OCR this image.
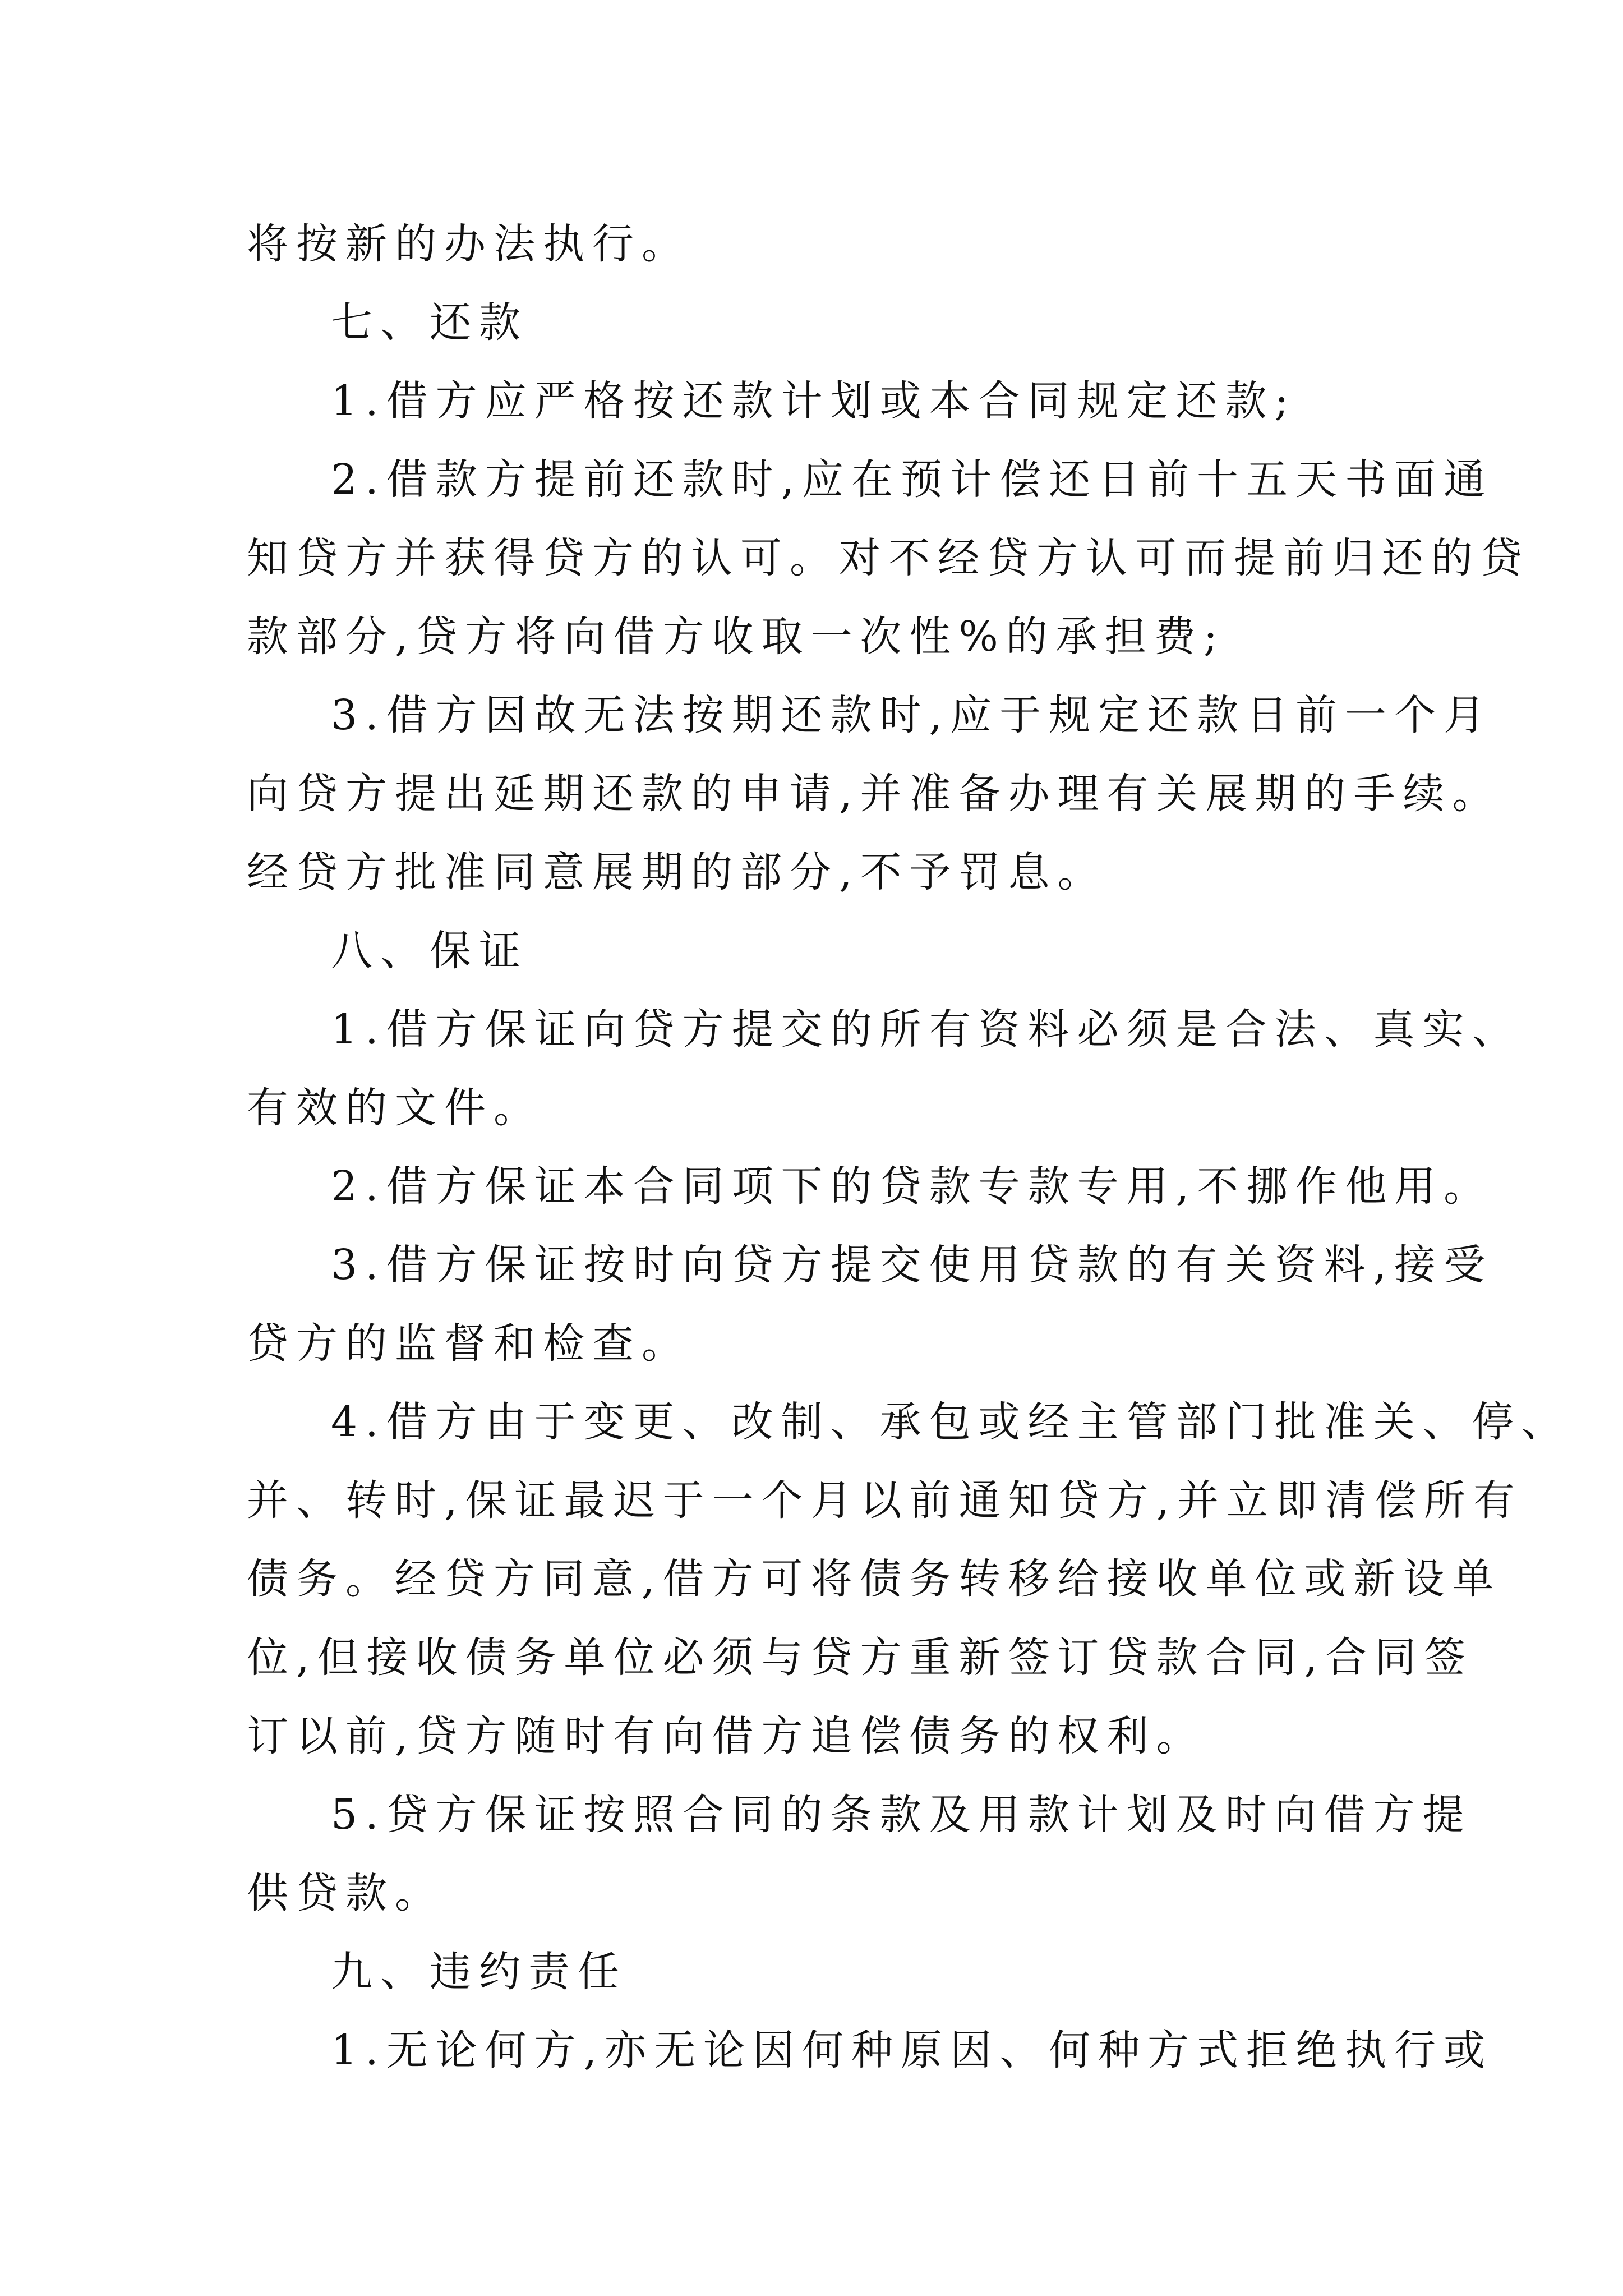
将按新的办法执行。
七、还款
1.借方应严格按还款计划或本合同规定还款;
2.借款方提前还款时,应在预计偿还日前十五天书面通
知贷方并获得贷方的认可。对不经贷方认可而提前归还的贷
款部分,贷方将向借方收取一次性%的承担费;
3.借方因故无法按期还款时,应于规定还款日前一个月
向贷方提出延期还款的申请,并准备办理有关展期的手续。
经贷方批准同意展期的部分,不予罚息。
八、保证
1.借方保证向贷方提交的所有资料必须是合法、真实、
有效的文件。
2.借方保证本合同项下的贷款专款专用,不挪作他用。
3.借方保证按时向贷方提交使用贷款的有关资料,接受
贷方的监督和检查。
4.借方由于变更、改制、承包或经主管部门批准关、停、
并、转时,保证最迟于一个月以前通知贷方,并立即清偿所有
债务。经贷方同意,借方可将债务转移给接收单位或新设单
位,但接收债务单位必须与贷方重新签订贷款合同,合同签
订以前,贷方随时有向借方追偿债务的权利。
5.贷方保证按照合同的条款及用款计划及时向借方提
供贷款。
九、违约责任
1.无论何方,亦无论因何种原因、何种方式拒绝执行或
